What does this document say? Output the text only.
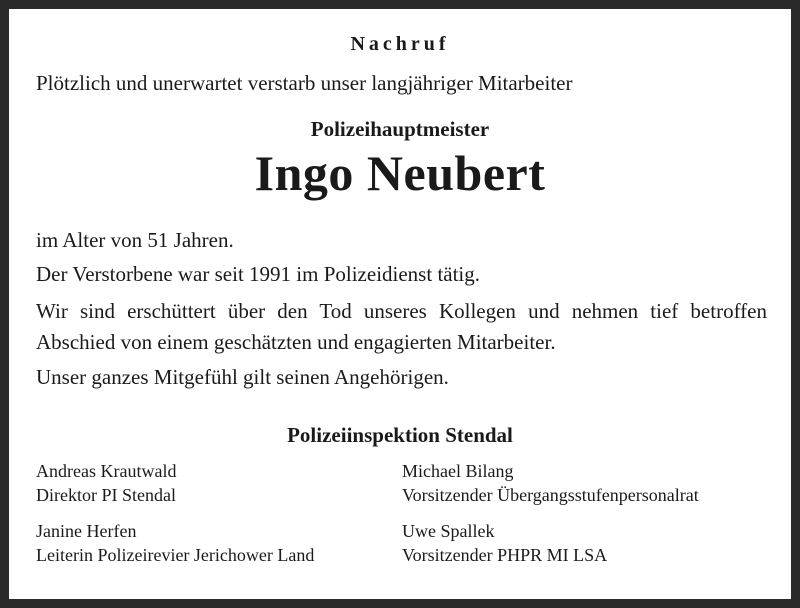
Nachruf
Plötzlich und unerwartet verstarb unser langjähriger Mitarbeiter
Polizeihauptmeister
Ingo Neubert
im Alter von 51 Jahren.
Der Verstorbene war seit 1991 im Polizeidienst tätig.
Wir sind erschüttert über den Tod unseres Kollegen und nehmen tief betroffen Abschied von einem geschätzten und engagierten Mitarbeiter.
Unser ganzes Mitgefühl gilt seinen Angehörigen.
Polizeiinspektion Stendal
Andreas Krautwald
Direktor PI Stendal
Michael Bilang
Vorsitzender Übergangsstufenpersonalrat
Janine Herfen
Leiterin Polizeirevier Jerichower Land
Uwe Spallek
Vorsitzender PHPR MI LSA
